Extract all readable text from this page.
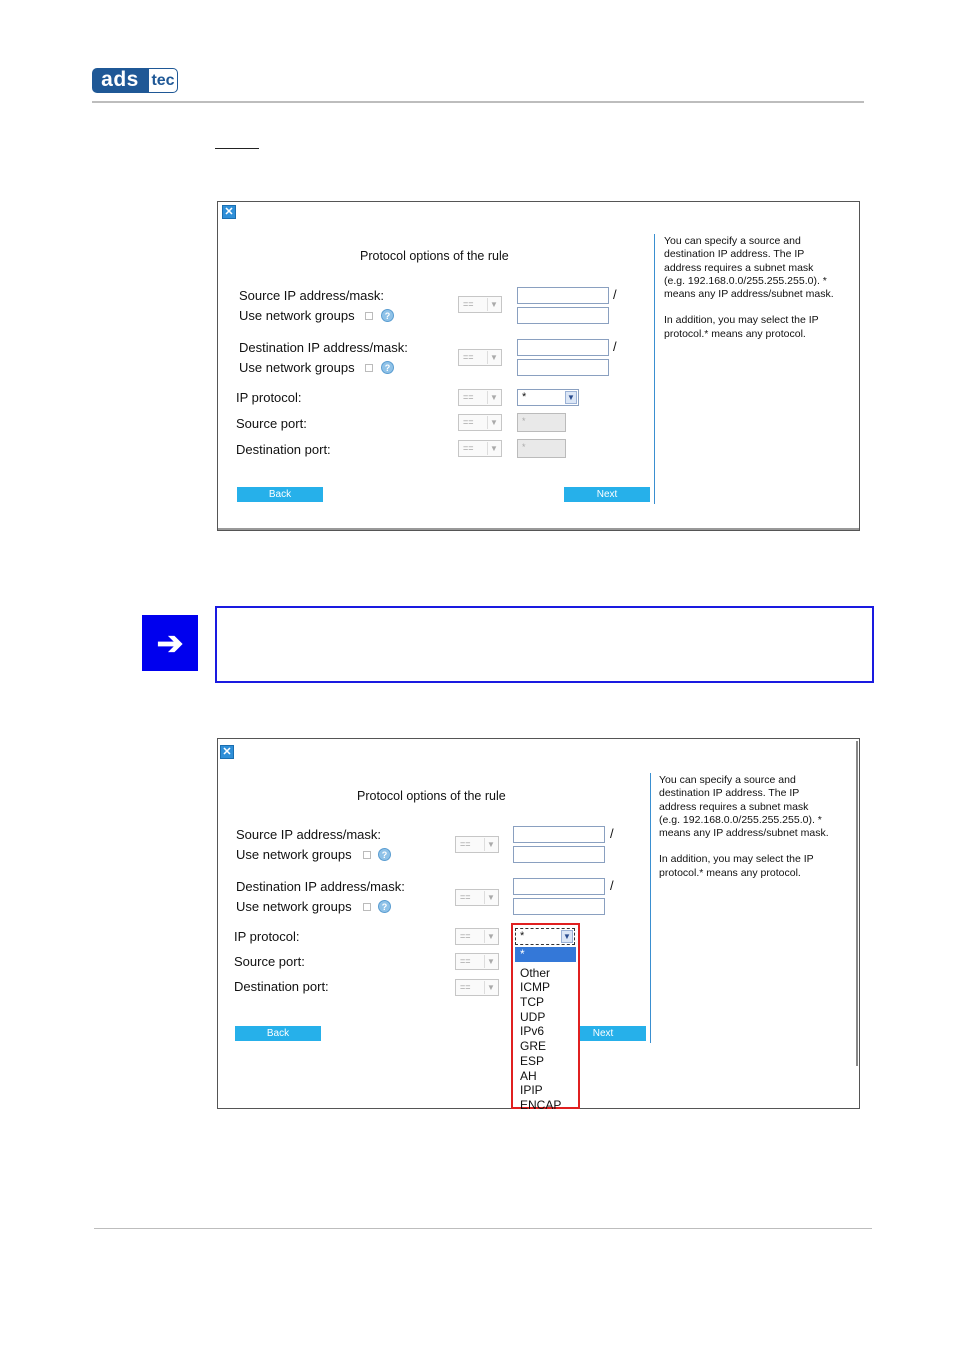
ads tec
✕
Protocol options of the rule
Source IP address/mask:
Use network groups	?
==	▼
/
Destination IP address/mask:
Use network groups	?
==	▼
/
IP protocol:	==	▼	*	▼
Source port:	==	▼	*
Destination port:	==	▼	*
Back	Next

You can specify a source and destination IP address. The IP address requires a subnet mask (e.g. 192.168.0.0/255.255.255.0). * means any IP address/subnet mask.

In addition, you may select the IP protocol.* means any protocol.

➔
✕
Protocol options of the rule
Source IP address/mask:
Use network groups	?
==	▼
/
Destination IP address/mask:
Use network groups	?
==	▼
/
IP protocol:	==	▼
Source port:	==	▼
Destination port:	==	▼
Back	Next

You can specify a source and destination IP address. The IP address requires a subnet mask (e.g. 192.168.0.0/255.255.255.0). * means any IP address/subnet mask.

In addition, you may select the IP protocol.* means any protocol.

*	▼
*
Other
ICMP
TCP
UDP
IPv6
GRE
ESP
AH
IPIP
ENCAP
